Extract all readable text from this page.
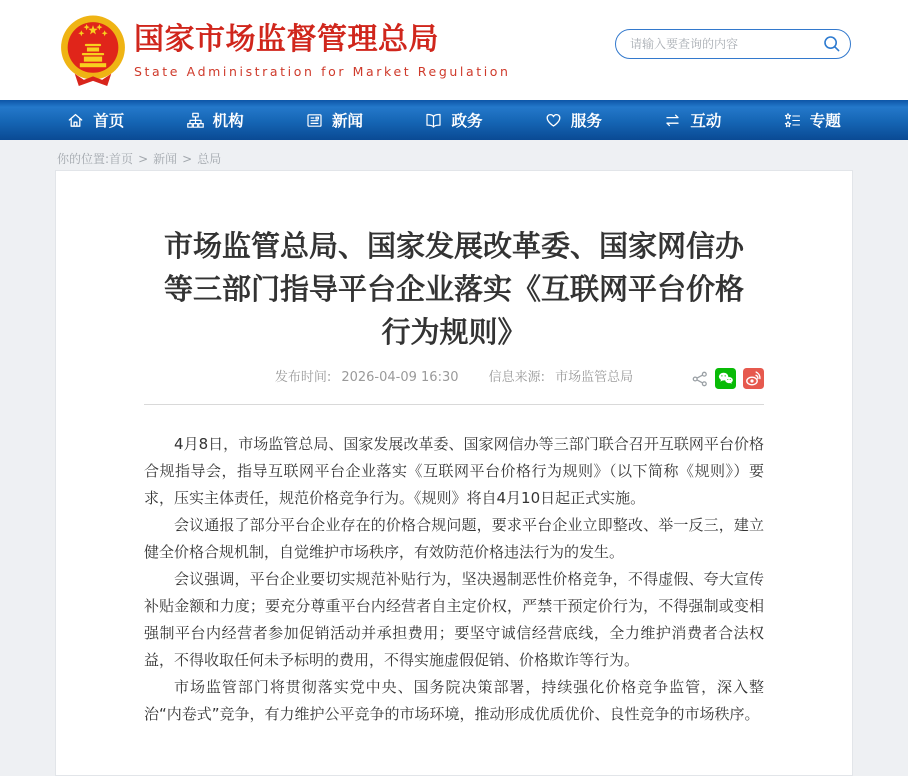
国家市场监督管理总局
State Administration for Market Regulation
请输入要查询的内容
首页	机构	新闻	政务	服务	互动	专题
你的位置:首页 > 新闻 > 总局
市场监管总局、国家发展改革委、国家网信办
等三部门指导平台企业落实《互联网平台价格
行为规则》
发布时间: 2026-04-09 16:30 信息来源: 市场监管总局

4月8日，市场监管总局、国家发展改革委、国家网信办等三部门联合召开互联网平台价格合规指导会，指导互联网平台企业落实《互联网平台价格行为规则》（以下简称《规则》）要求，压实主体责任，规范价格竞争行为。《规则》将自4月10日起正式实施。

会议通报了部分平台企业存在的价格合规问题，要求平台企业立即整改、举一反三，建立健全价格合规机制，自觉维护市场秩序，有效防范价格违法行为的发生。

会议强调，平台企业要切实规范补贴行为，坚决遏制恶性价格竞争，不得虚假、夸大宣传补贴金额和力度；要充分尊重平台内经营者自主定价权，严禁干预定价行为，不得强制或变相强制平台内经营者参加促销活动并承担费用；要坚守诚信经营底线，全力维护消费者合法权益，不得收取任何未予标明的费用，不得实施虚假促销、价格欺诈等行为。

市场监管部门将贯彻落实党中央、国务院决策部署，持续强化价格竞争监管，深入整治“内卷式”竞争，有力维护公平竞争的市场环境，推动形成优质优价、良性竞争的市场秩序。
